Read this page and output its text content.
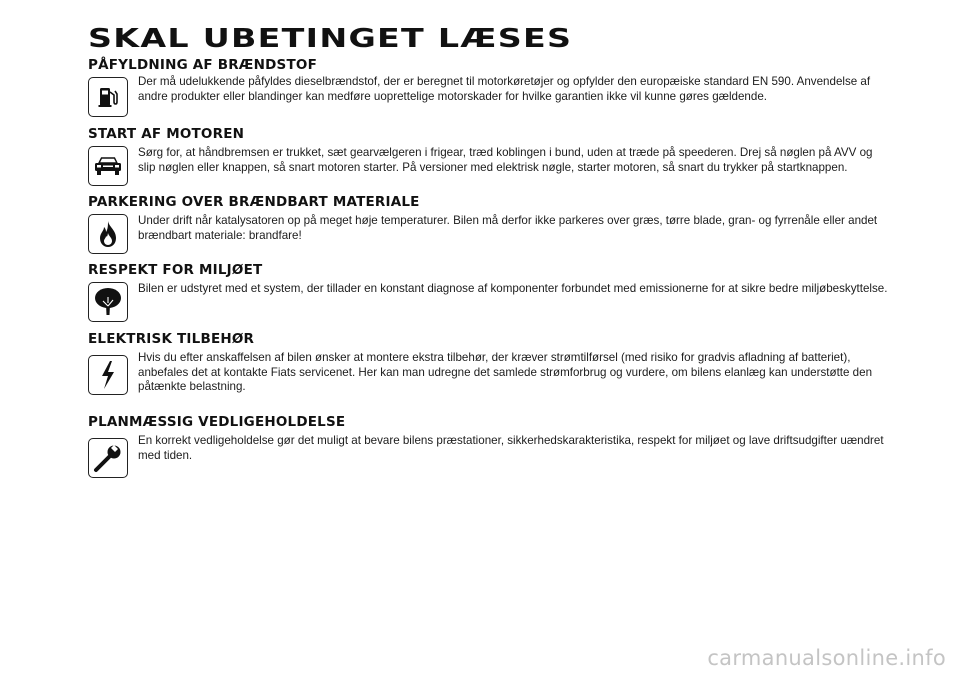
SKAL UBETINGET LÆSES
PÅFYLDNING AF BRÆNDSTOF

Der må udelukkende påfyldes dieselbrændstof, der er beregnet til motorkøretøjer og opfylder den europæiske standard EN 590. Anvendelse af andre produkter eller blandinger kan medføre uoprettelige motorskader for hvilke garantien ikke vil kunne gøres gældende.

START AF MOTOREN

Sørg for, at håndbremsen er trukket, sæt gearvælgeren i frigear, træd koblingen i bund, uden at træde på speederen. Drej så nøglen på AVV og slip nøglen eller knappen, så snart motoren starter. På versioner med elektrisk nøgle, starter motoren, så snart du trykker på startknappen.

PARKERING OVER BRÆNDBART MATERIALE

Under drift når katalysatoren op på meget høje temperaturer. Bilen må derfor ikke parkeres over græs, tørre blade, gran- og fyrrenåle eller andet brændbart materiale: brandfare!

RESPEKT FOR MILJØET

Bilen er udstyret med et system, der tillader en konstant diagnose af komponenter forbundet med emissionerne for at sikre bedre miljøbeskyttelse.

ELEKTRISK TILBEHØR

Hvis du efter anskaffelsen af bilen ønsker at montere ekstra tilbehør, der kræver strømtilførsel (med risiko for gradvis afladning af batteriet), anbefales det at kontakte Fiats servicenet. Her kan man udregne det samlede strømforbrug og vurdere, om bilens elanlæg kan understøtte den påtænkte belastning.

PLANMÆSSIG VEDLIGEHOLDELSE

En korrekt vedligeholdelse gør det muligt at bevare bilens præstationer, sikkerhedskarakteristika, respekt for miljøet og lave driftsudgifter uændret med tiden.

carmanualsonline.info
